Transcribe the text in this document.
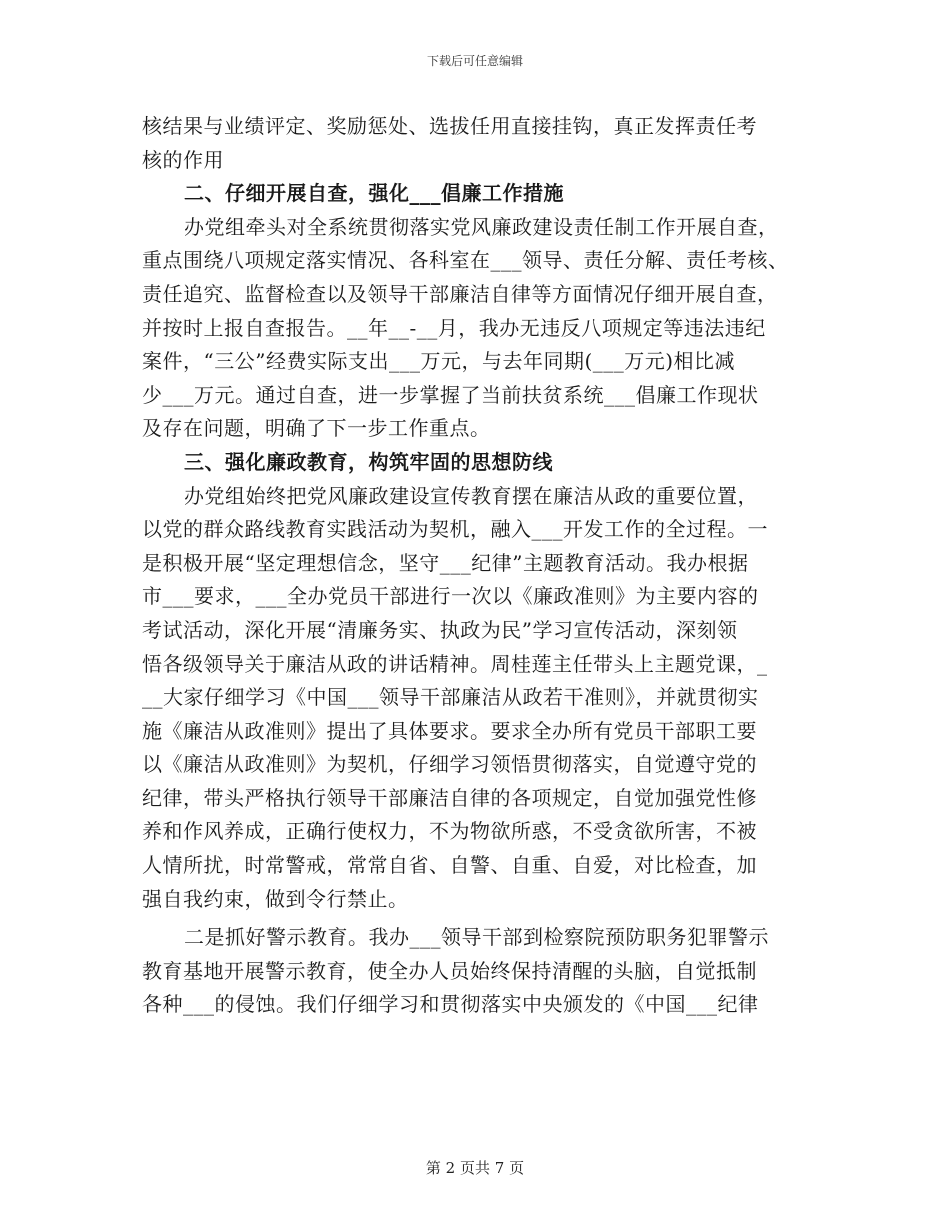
下载后可任意编辑
核结果与业绩评定、奖励惩处、选拔任用直接挂钩，真正发挥责任考
核的作用
二、仔细开展自查，强化___倡廉工作措施
办党组牵头对全系统贯彻落实党风廉政建设责任制工作开展自查，
重点围绕八项规定落实情况、各科室在___领导、责任分解、责任考核、
责任追究、监督检查以及领导干部廉洁自律等方面情况仔细开展自查，
并按时上报自查报告。__年__-__月，我办无违反八项规定等违法违纪
案件，“三公”经费实际支出___万元，与去年同期(___万元)相比减
少___万元。通过自查，进一步掌握了当前扶贫系统___倡廉工作现状
及存在问题，明确了下一步工作重点。
三、强化廉政教育，构筑牢固的思想防线
办党组始终把党风廉政建设宣传教育摆在廉洁从政的重要位置，
以党的群众路线教育实践活动为契机，融入___开发工作的全过程。一
是积极开展“坚定理想信念，坚守___纪律”主题教育活动。我办根据
市___要求，___全办党员干部进行一次以《廉政准则》为主要内容的
考试活动，深化开展“清廉务实、执政为民”学习宣传活动，深刻领
悟各级领导关于廉洁从政的讲话精神。周桂莲主任带头上主题党课，_
__大家仔细学习《中国___领导干部廉洁从政若干准则》，并就贯彻实
施《廉洁从政准则》提出了具体要求。要求全办所有党员干部职工要
以《廉洁从政准则》为契机，仔细学习领悟贯彻落实，自觉遵守党的
纪律，带头严格执行领导干部廉洁自律的各项规定，自觉加强党性修
养和作风养成，正确行使权力，不为物欲所惑，不受贪欲所害，不被
人情所扰，时常警戒，常常自省、自警、自重、自爱，对比检查，加
强自我约束，做到令行禁止。
二是抓好警示教育。我办___领导干部到检察院预防职务犯罪警示
教育基地开展警示教育，使全办人员始终保持清醒的头脑，自觉抵制
各种___的侵蚀。我们仔细学习和贯彻落实中央颁发的《中国___纪律
第 2 页共 7 页
